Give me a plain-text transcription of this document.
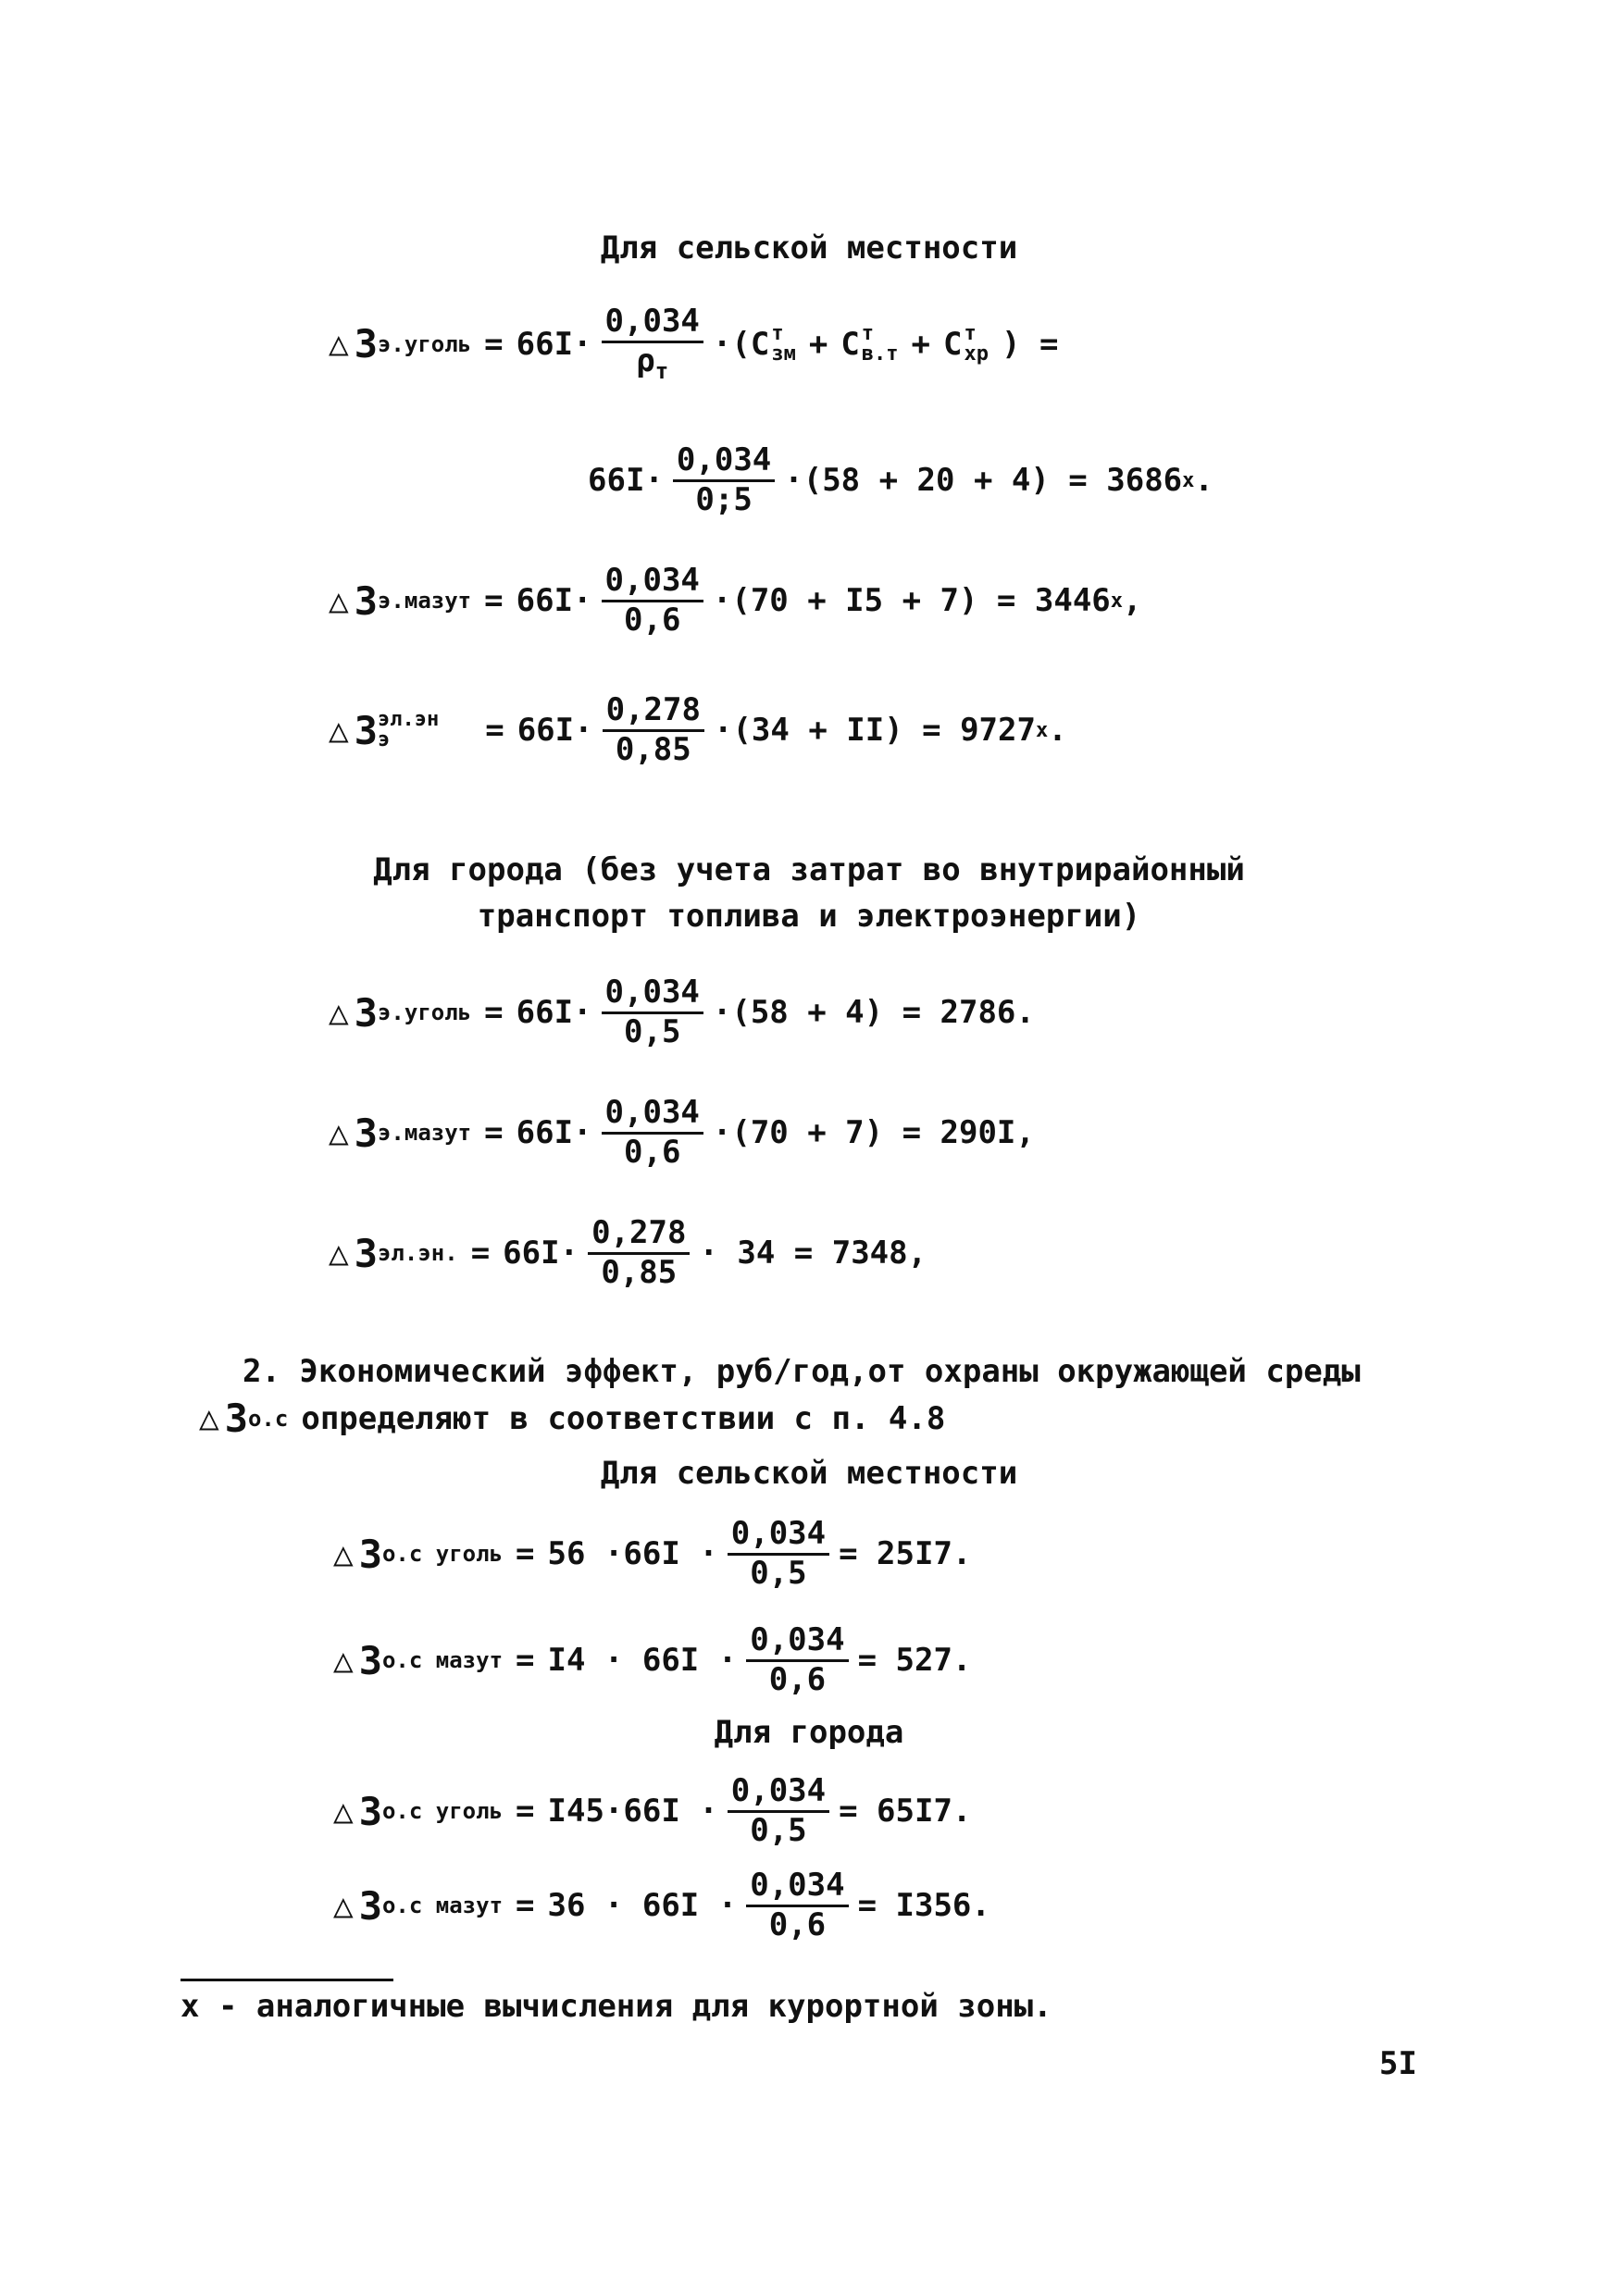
Для сельской местности
△ З э.уголь = $66I \cdot \frac{0,034}{\rho_т}$ ·( С т
зм + С т
в.т + С т
хр ) =
$66I \cdot \frac{0,034}{0;5} \cdot(58 + 20 + 4) = 3686$ x .
△ З э.мазут = $66I \cdot \frac{0,034}{0,6} \cdot(70 + I5 + 7) = 3446$ x ,
△ З эл.эн
э	= $66I \cdot \frac{0,278}{0,85} \cdot(34 + II) = 9727$ x .
Для города (без учета затрат во внутрирайонный
транспорт топлива и электроэнергии)
△ З э.уголь = $66I \cdot \frac{0,034}{0,5} \cdot(58 + 4) = 2786$.
△ З э.мазут = $66I \cdot \frac{0,034}{0,6} \cdot(70 + 7) = 290I$,
△ З эл.эн. = $66I \cdot \frac{0,278}{0,85} \cdot 34 = 7348$,
2. Экономический эффект, руб/год,от охраны окружающей среды
△ З о.с определяют в соответствии с п. 4.8
Для сельской местности
△ З о.с уголь = $56 \cdot 66I \cdot \frac{0,034}{0,5} = 25I7$.
△ З о.с мазут = $I4 \cdot 66I \cdot \frac{0,034}{0,6} = 527$.
Для города
△ З о.с уголь = $I45\cdot 66I \cdot \frac{0,034}{0,5} = 65I7$.
△ З о.с мазут = $36 \cdot 66I \cdot \frac{0,034}{0,6} = I356$.
x - аналогичные вычисления для курортной зоны.
5I
